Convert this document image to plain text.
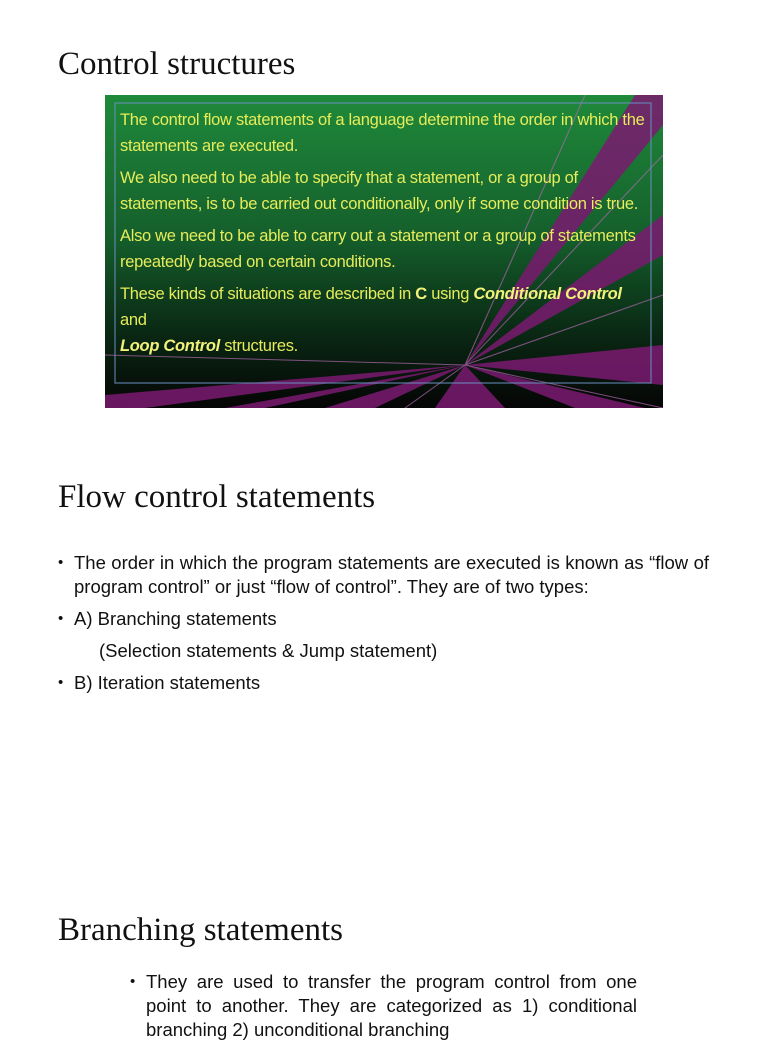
Control structures

The control flow statements of a language determine the order in which the statements are executed.

We also need to be able to specify that a statement, or a group of statements, is to be carried out conditionally, only if some condition is true.

Also we need to be able to carry out a statement or a group of statements repeatedly based on certain conditions.

These kinds of situations are described in C using Conditional Control and
Loop Control structures.

Flow control statements
• The order in which the program statements are executed is known as “flow of program control” or just “flow of control”. They are of two types:
• A) Branching statements
(Selection statements & Jump statement)
• B) Iteration statements
Branching statements
• They are used to transfer the program control from one point to another. They are categorized as 1) conditional branching 2) unconditional branching
